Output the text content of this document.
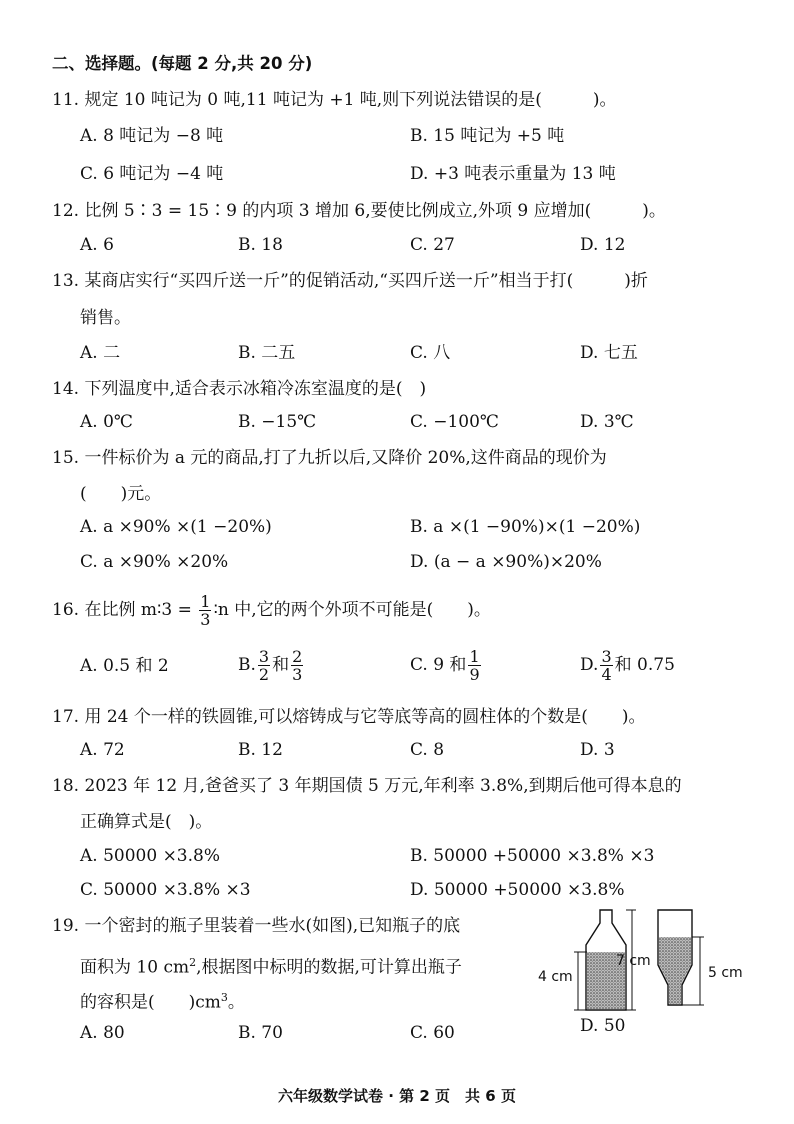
二、选择题。(每题 2 分,共 20 分)
11. 规定 10 吨记为 0 吨,11 吨记为 +1 吨,则下列说法错误的是(　　　)。
A. 8 吨记为 −8 吨	B. 15 吨记为 +5 吨
C. 6 吨记为 −4 吨	D. +3 吨表示重量为 13 吨
12. 比例 5∶3 = 15∶9 的内项 3 增加 6,要使比例成立,外项 9 应增加(　　　)。
A. 6	B. 18	C. 27	D. 12
13. 某商店实行“买四斤送一斤”的促销活动,“买四斤送一斤”相当于打(　　　)折
销售。
A. 二	B. 二五	C. 八	D. 七五
14. 下列温度中,适合表示冰箱冷冻室温度的是(　)
A. 0℃	B. −15℃	C. −100℃	D. 3℃
15. 一件标价为 a 元的商品,打了九折以后,又降价 20%,这件商品的现价为
(　　)元。
A. a ×90% ×(1 −20%)	B. a ×(1 −90%)×(1 −20%)
C. a ×90% ×20%	D. (a − a ×90%)×20%
16. 在比例 m∶3 = $\frac{1}{3}$ ∶n 中,它的两个外项不可能是(　　)。
A. 0.5 和 2	B. $\frac{3}{2}$ 和 $\frac{2}{3}$	C. 9 和 $\frac{1}{9}$	D. $\frac{3}{4}$ 和 0.75
17. 用 24 个一样的铁圆锥,可以熔铸成与它等底等高的圆柱体的个数是(　　)。
A. 72	B. 12	C. 8	D. 3
18. 2023 年 12 月,爸爸买了 3 年期国债 5 万元,年利率 3.8%,到期后他可得本息的
正确算式是(　)。
A. 50000 ×3.8%	B. 50000 +50000 ×3.8% ×3
C. 50000 ×3.8% ×3	D. 50000 +50000 ×3.8%
19. 一个密封的瓶子里装着一些水(如图),已知瓶子的底
面积为 10 $cm^2$,根据图中标明的数据,可计算出瓶子
的容积是(　　)$cm^3$。
A. 80	B. 70	C. 60	D. 50
4 cm
7 cm
5 cm
六年级数学试卷 · 第 2 页　共 6 页
